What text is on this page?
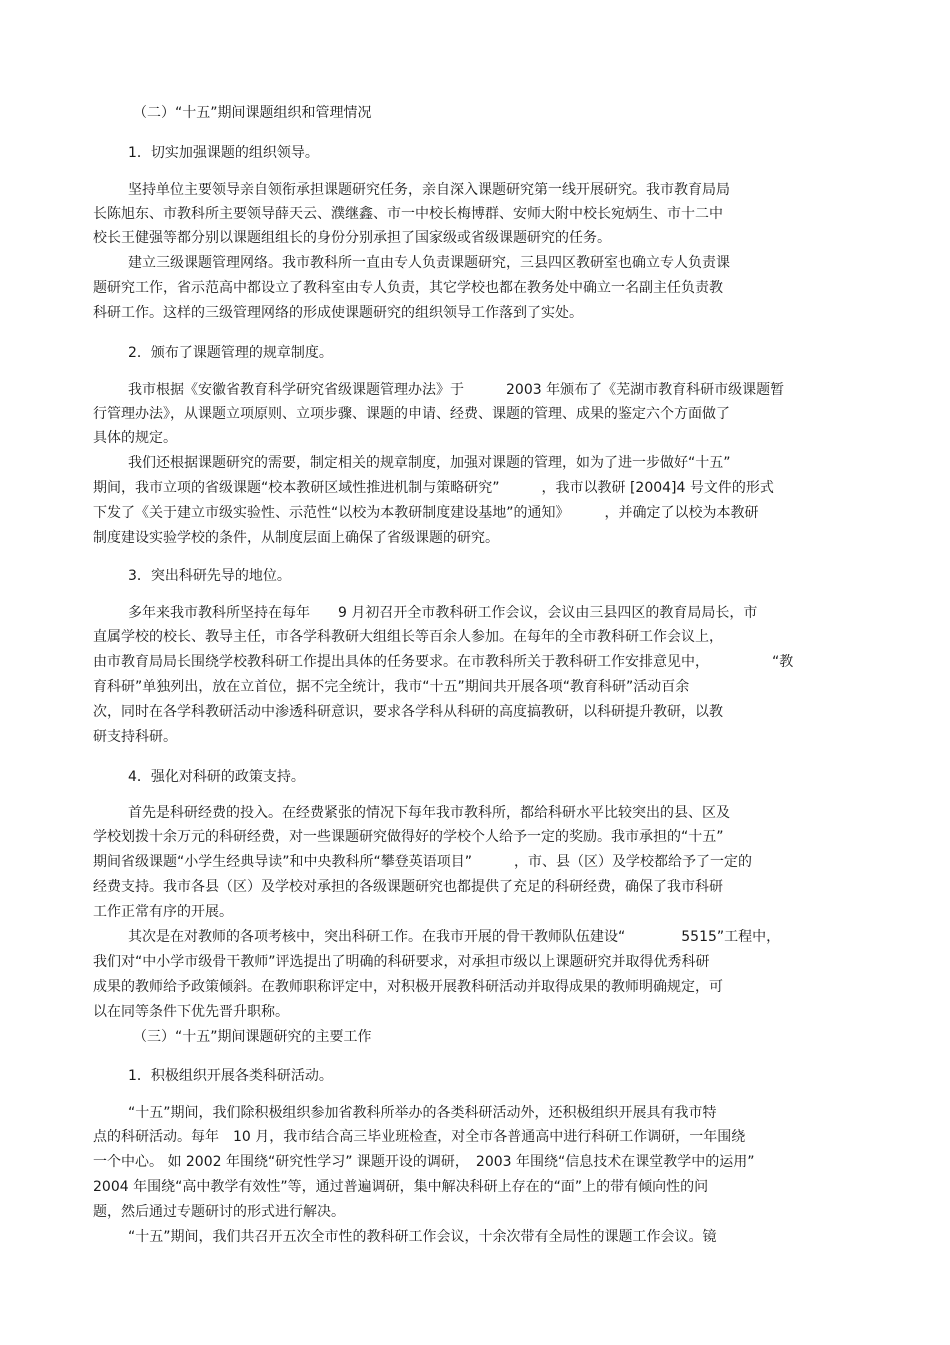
（二）“十五”期间课题组织和管理情况
1．切实加强课题的组织领导。
坚持单位主要领导亲自领衔承担课题研究任务，亲自深入课题研究第一线开展研究。我市教育局局
长陈旭东、市教科所主要领导薛天云、濮继鑫、市一中校长梅博群、安师大附中校长宛炳生、市十二中
校长王健强等都分别以课题组组长的身份分别承担了国家级或省级课题研究的任务。
建立三级课题管理网络。我市教科所一直由专人负责课题研究，三县四区教研室也确立专人负责课
题研究工作，省示范高中都设立了教科室由专人负责，其它学校也都在教务处中确立一名副主任负责教
科研工作。这样的三级管理网络的形成使课题研究的组织领导工作落到了实处。
2．颁布了课题管理的规章制度。
我市根据《安徽省教育科学研究省级课题管理办法》于　　　2003 年颁布了《芜湖市教育科研市级课题暂
行管理办法》，从课题立项原则、立项步骤、课题的申请、经费、课题的管理、成果的鉴定六个方面做了
具体的规定。
我们还根据课题研究的需要，制定相关的规章制度，加强对课题的管理，如为了进一步做好“十五”
期间，我市立项的省级课题“校本教研区域性推进机制与策略研究”　　　，我市以教研 [2004]4 号文件的形式
下发了《关于建立市级实验性、示范性“以校为本教研制度建设基地”的通知》　　　，并确定了以校为本教研
制度建设实验学校的条件，从制度层面上确保了省级课题的研究。
3．突出科研先导的地位。
多年来我市教科所坚持在每年　　9 月初召开全市教科研工作会议，会议由三县四区的教育局局长，市
直属学校的校长、教导主任，市各学科教研大组组长等百余人参加。在每年的全市教科研工作会议上，
由市教育局局长围绕学校教科研工作提出具体的任务要求。在市教科所关于教科研工作安排意见中，　　　　　“教
育科研”单独列出，放在立首位，据不完全统计，我市“十五”期间共开展各项“教育科研”活动百余
次，同时在各学科教研活动中渗透科研意识，要求各学科从科研的高度搞教研，以科研提升教研，以教
研支持科研。
4．强化对科研的政策支持。
首先是科研经费的投入。在经费紧张的情况下每年我市教科所，都给科研水平比较突出的县、区及
学校划拨十余万元的科研经费，对一些课题研究做得好的学校个人给予一定的奖励。我市承担的“十五”
期间省级课题“小学生经典导读”和中央教科所“攀登英语项目”　　　，市、县（区）及学校都给予了一定的
经费支持。我市各县（区）及学校对承担的各级课题研究也都提供了充足的科研经费，确保了我市科研
工作正常有序的开展。
其次是在对教师的各项考核中，突出科研工作。在我市开展的骨干教师队伍建设“　　　　5515”工程中，
我们对“中小学市级骨干教师”评选提出了明确的科研要求，对承担市级以上课题研究并取得优秀科研
成果的教师给予政策倾斜。在教师职称评定中，对积极开展教科研活动并取得成果的教师明确规定，可
以在同等条件下优先晋升职称。
（三）“十五”期间课题研究的主要工作
1．积极组织开展各类科研活动。
“十五”期间，我们除积极组织参加省教科所举办的各类科研活动外，还积极组织开展具有我市特
点的科研活动。每年　10 月，我市结合高三毕业班检查，对全市各普通高中进行科研工作调研，一年围绕
一个中心。 如 2002 年围绕“研究性学习” 课题开设的调研，　2003 年围绕“信息技术在课堂教学中的运用”
2004 年围绕“高中教学有效性”等，通过普遍调研，集中解决科研上存在的“面”上的带有倾向性的问
题，然后通过专题研讨的形式进行解决。
“十五”期间，我们共召开五次全市性的教科研工作会议，十余次带有全局性的课题工作会议。镜
